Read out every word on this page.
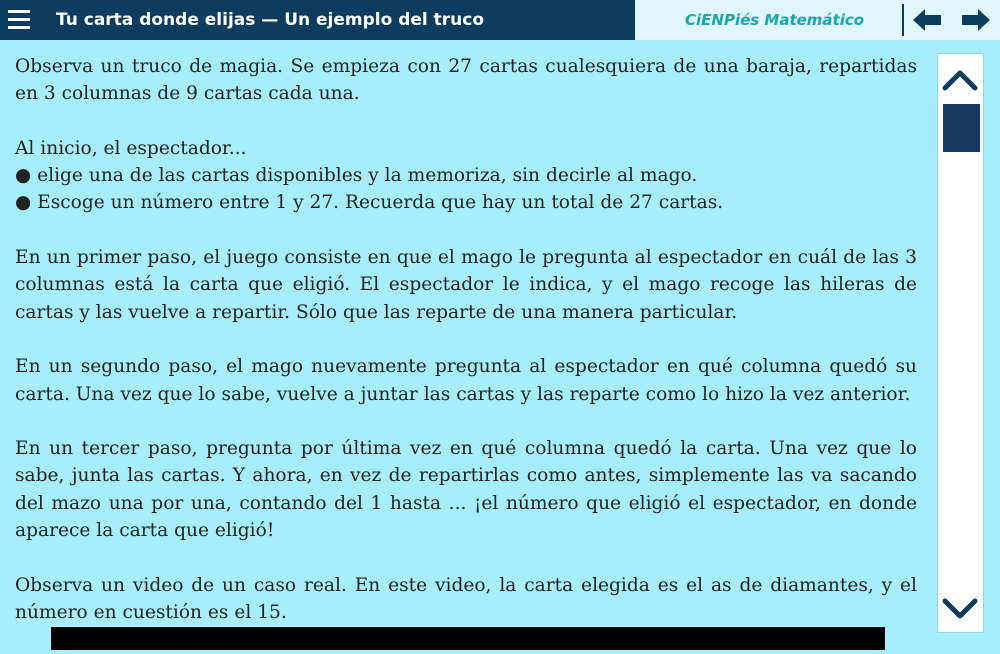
Tu carta donde elijas — Un ejemplo del truco	CiENPiés Matemático

Observa un truco de magia. Se empieza con 27 cartas cualesquiera de una baraja, repartidas en 3 columnas de 9 cartas cada una.

Al inicio, el espectador...

● elige una de las cartas disponibles y la memoriza, sin decirle al mago.

● Escoge un número entre 1 y 27. Recuerda que hay un total de 27 cartas.

En un primer paso, el juego consiste en que el mago le pregunta al espectador en cuál de las 3 columnas está la carta que eligió. El espectador le indica, y el mago recoge las hileras de cartas y las vuelve a repartir. Sólo que las reparte de una manera particular.

En un segundo paso, el mago nuevamente pregunta al espectador en qué columna quedó su carta. Una vez que lo sabe, vuelve a juntar las cartas y las reparte como lo hizo la vez anterior.

En un tercer paso, pregunta por última vez en qué columna quedó la carta. Una vez que lo sabe, junta las cartas. Y ahora, en vez de repartirlas como antes, simplemente las va sacando del mazo una por una, contando del 1 hasta ... ¡el número que eligió el espectador, en donde aparece la carta que eligió!

Observa un video de un caso real. En este video, la carta elegida es el as de diamantes, y el número en cuestión es el 15.
